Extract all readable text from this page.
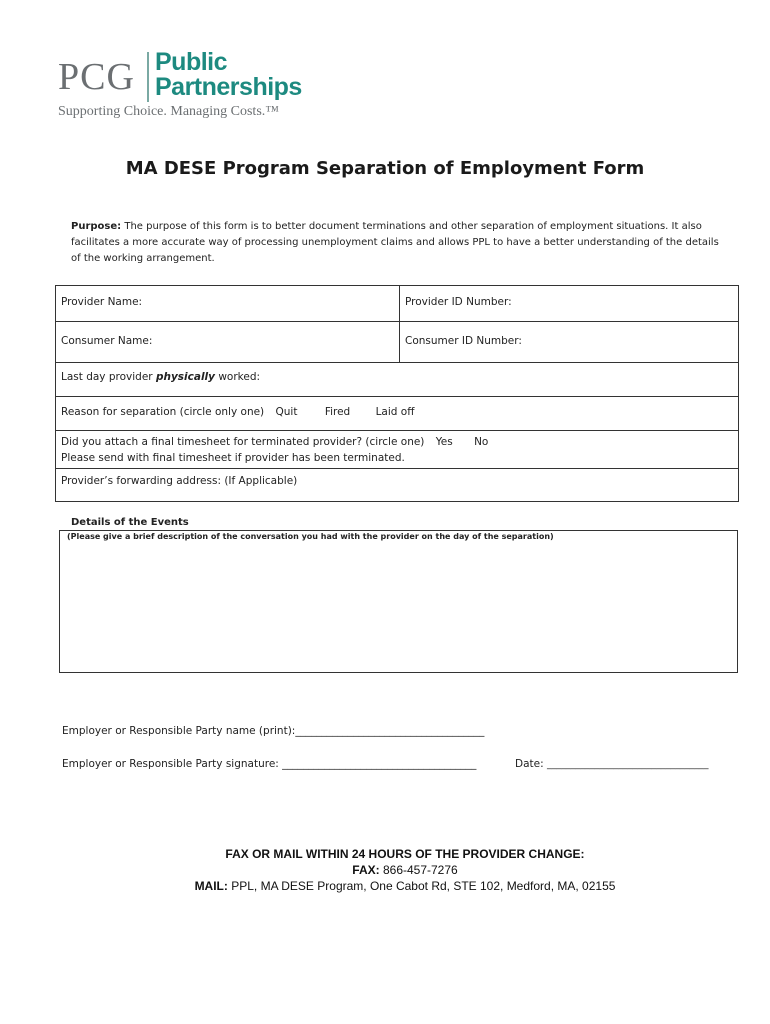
PCG Public
Partnerships
Supporting Choice. Managing Costs.™
MA DESE Program Separation of Employment Form
Purpose: The purpose of this form is to better document terminations and other separation of employment situations. It also facilitates a more accurate way of processing unemployment claims and allows PPL to have a better understanding of the details of the working arrangement.
Provider Name:	Provider ID Number:
Consumer Name:	Consumer ID Number:
Last day provider physically worked:
Reason for separation (circle only one) Quit	Fired Laid off
Did you attach a final timesheet for terminated provider? (circle one) Yes No
Please send with final timesheet if provider has been terminated.
Provider’s forwarding address: (If Applicable)
Details of the Events
(Please give a brief description of the conversation you had with the provider on the day of the separation)
Employer or Responsible Party name (print):____________________________________
Employer or Responsible Party signature: _____________________________________	Date: __________________________________
FAX OR MAIL WITHIN 24 HOURS OF THE PROVIDER CHANGE:
FAX: 866-457-7276
MAIL: PPL, MA DESE Program, One Cabot Rd, STE 102, Medford, MA, 02155
